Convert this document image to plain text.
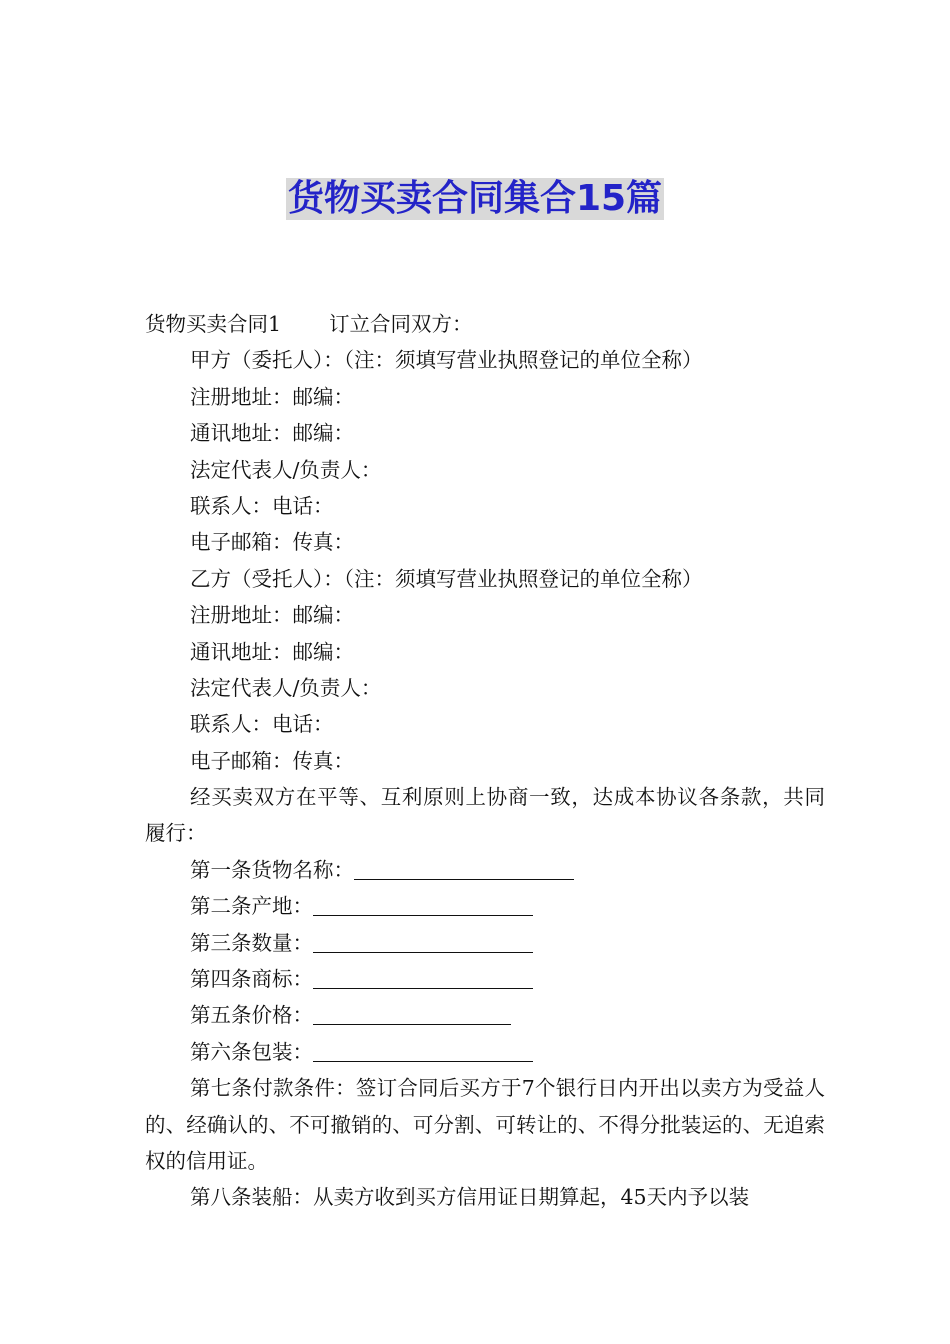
货物买卖合同集合15篇
货物买卖合同1 订立合同双方：
甲方（委托人）：（注：须填写营业执照登记的单位全称）
注册地址：邮编：
通讯地址：邮编：
法定代表人/负责人：
联系人：电话：
电子邮箱：传真：
乙方（受托人）：（注：须填写营业执照登记的单位全称）
注册地址：邮编：
通讯地址：邮编：
法定代表人/负责人：
联系人：电话：
电子邮箱：传真：
经买卖双方在平等、互利原则上协商一致，达成本协议各条款，共同履行：
第一条货物名称：
第二条产地：
第三条数量：
第四条商标：
第五条价格：
第六条包装：
第七条付款条件：签订合同后买方于7个银行日内开出以卖方为受益人的、经确认的、不可撤销的、可分割、可转让的、不得分批装运的、无追索权的信用证。
第八条装船：从卖方收到买方信用证日期算起，45天内予以装
